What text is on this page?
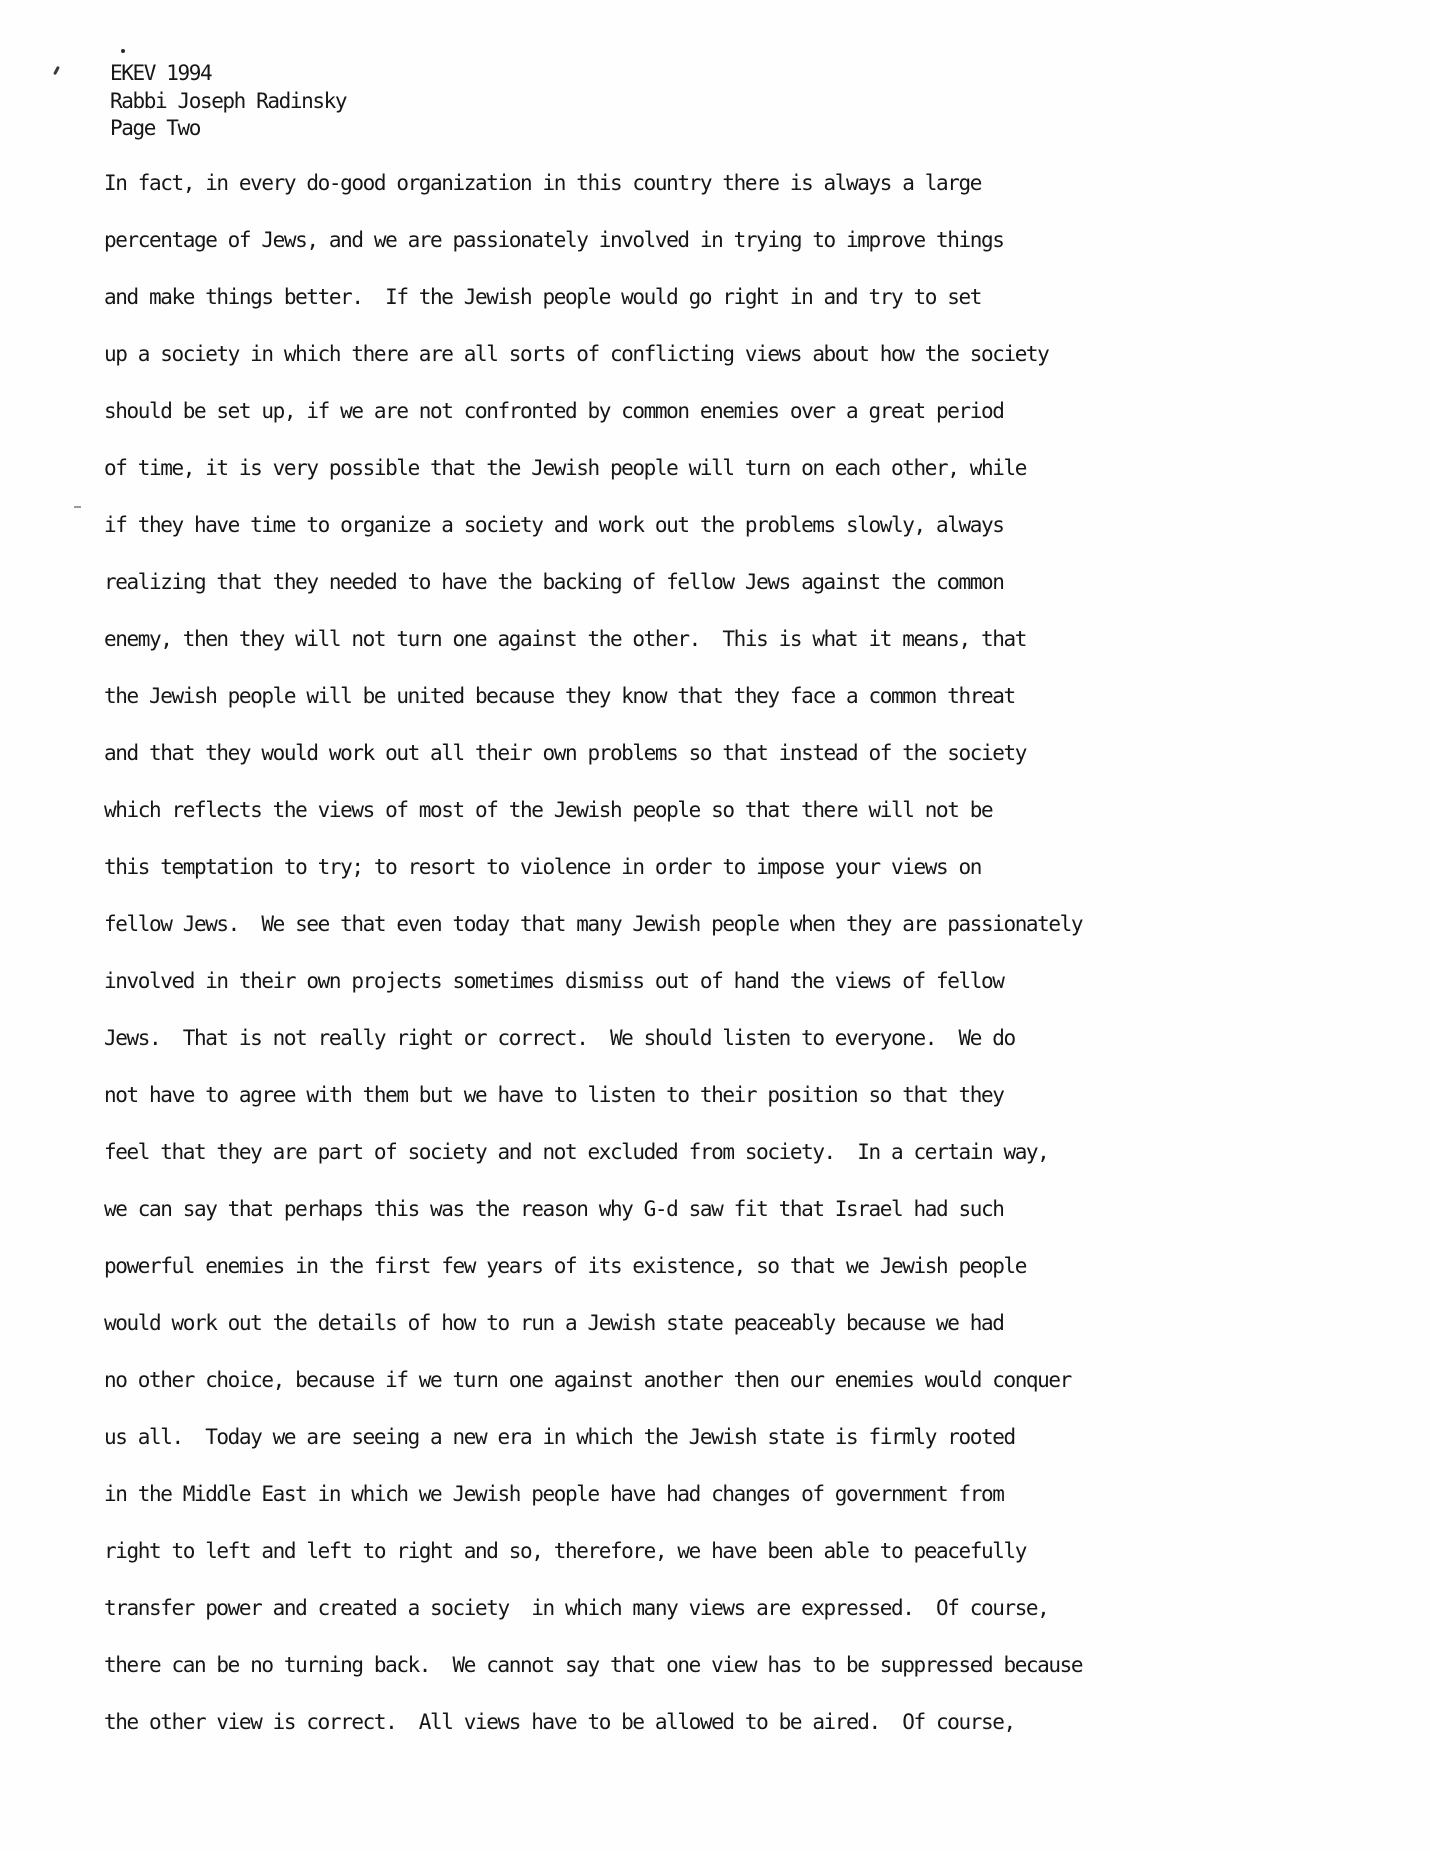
EKEV 1994
Rabbi Joseph Radinsky
Page Two
In fact, in every do-good organization in this country there is always a large
percentage of Jews, and we are passionately involved in trying to improve things
and make things better.  If the Jewish people would go right in and try to set
up a society in which there are all sorts of conflicting views about how the society
should be set up, if we are not confronted by common enemies over a great period
of time, it is very possible that the Jewish people will turn on each other, while
if they have time to organize a society and work out the problems slowly, always
realizing that they needed to have the backing of fellow Jews against the common
enemy, then they will not turn one against the other.  This is what it means, that
the Jewish people will be united because they know that they face a common threat
and that they would work out all their own problems so that instead of the society
which reflects the views of most of the Jewish people so that there will not be
this temptation to try; to resort to violence in order to impose your views on
fellow Jews.  We see that even today that many Jewish people when they are passionately
involved in their own projects sometimes dismiss out of hand the views of fellow
Jews.  That is not really right or correct.  We should listen to everyone.  We do
not have to agree with them but we have to listen to their position so that they
feel that they are part of society and not excluded from society.  In a certain way,
we can say that perhaps this was the reason why G-d saw fit that Israel had such
powerful enemies in the first few years of its existence, so that we Jewish people
would work out the details of how to run a Jewish state peaceably because we had
no other choice, because if we turn one against another then our enemies would conquer
us all.  Today we are seeing a new era in which the Jewish state is firmly rooted
in the Middle East in which we Jewish people have had changes of government from
right to left and left to right and so, therefore, we have been able to peacefully
transfer power and created a society  in which many views are expressed.  Of course,
there can be no turning back.  We cannot say that one view has to be suppressed because
the other view is correct.  All views have to be allowed to be aired.  Of course,
